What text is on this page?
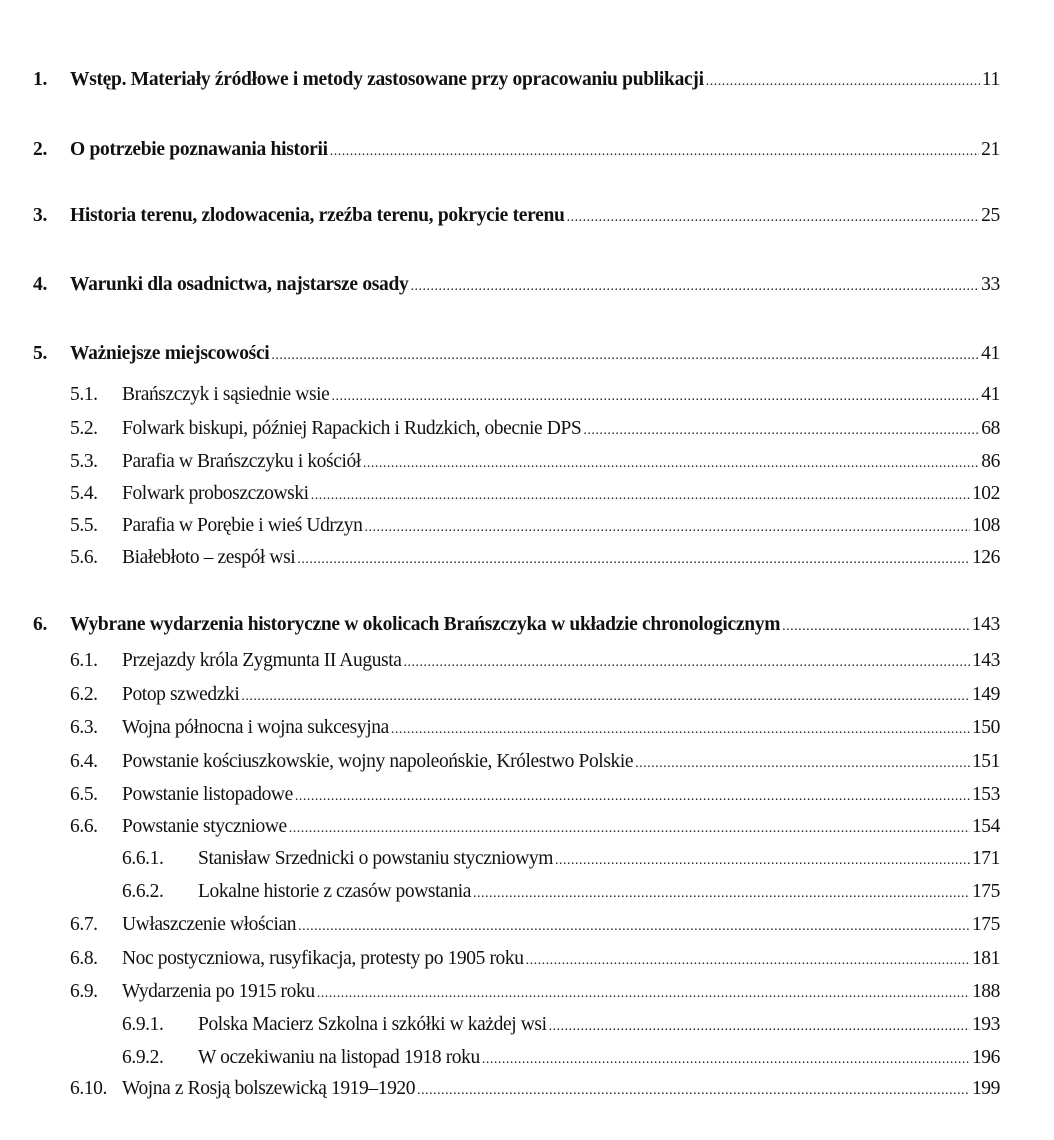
1. Wstęp. Materiały źródłowe i metody zastosowane przy opracowaniu publikacji .....	11
2. O potrzebie poznawania historii .....	21
3. Historia terenu, zlodowacenia, rzeźba terenu, pokrycie terenu .....	25
4. Warunki dla osadnictwa, najstarsze osady .....	33
5. Ważniejsze miejscowości .....	41
5.1. Brańszczyk i sąsiednie wsie .....	41
5.2. Folwark biskupi, później Rapackich i Rudzkich, obecnie DPS .....	68
5.3. Parafia w Brańszczyku i kościół .....	86
5.4. Folwark proboszczowski .....	102
5.5. Parafia w Porębie i wieś Udrzyn .....	108
5.6. Białebłoto – zespół wsi .....	126
6. Wybrane wydarzenia historyczne w okolicach Brańszczyka w układzie chronologicznym .....	143
6.1. Przejazdy króla Zygmunta II Augusta .....	143
6.2. Potop szwedzki .....	149
6.3. Wojna północna i wojna sukcesyjna .....	150
6.4. Powstanie kościuszkowskie, wojny napoleońskie, Królestwo Polskie .....	151
6.5. Powstanie listopadowe .....	153
6.6. Powstanie styczniowe .....	154
6.6.1. Stanisław Srzednicki o powstaniu styczniowym .....	171
6.6.2. Lokalne historie z czasów powstania .....	175
6.7. Uwłaszczenie włościan .....	175
6.8. Noc postyczniowa, rusyfikacja, protesty po 1905 roku .....	181
6.9. Wydarzenia po 1915 roku .....	188
6.9.1. Polska Macierz Szkolna i szkółki w każdej wsi .....	193
6.9.2. W oczekiwaniu na listopad 1918 roku .....	196
6.10. Wojna z Rosją bolszewicką 1919–1920 .....	199
